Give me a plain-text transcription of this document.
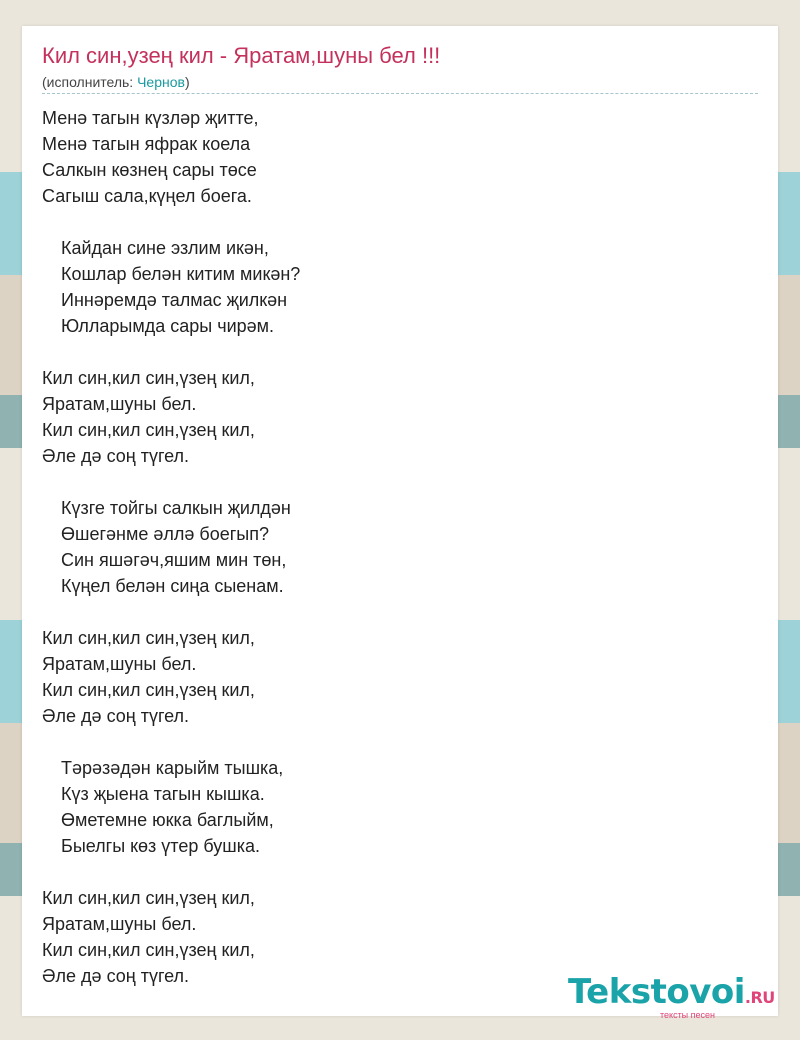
Кил син,узең кил - Яратам,шуны бел !!!
(исполнитель: Чернов)
Менә тагын күзләр җитте,
Менә тагын яфрак коела
Салкын көзнең сары төсе
Сагыш сала,күңел боега.
Кайдан сине эзлим икән,
Кошлар белән китим микән?
Иннәремдә талмас җилкән
Юлларымда сары чирәм.
Кил син,кил син,үзең кил,
Яратам,шуны бел.
Кил син,кил син,үзең кил,
Әле дә соң түгел.
Күзге тойгы салкын җилдән
Өшегәнме әллә боегып?
Син яшәгәч,яшим мин төн,
Күңел белән сиңа сыенам.
Кил син,кил син,үзең кил,
Яратам,шуны бел.
Кил син,кил син,үзең кил,
Әле дә соң түгел.
Тәрәзәдән карыйм тышка,
Күз җыена тагын кышка.
Өметемне юкка баглыйм,
Быелгы көз үтер бушка.
Кил син,кил син,үзең кил,
Яратам,шуны бел.
Кил син,кил син,үзең кил,
Әле дә соң түгел.	Tekstovoi.RU
тексты песен
